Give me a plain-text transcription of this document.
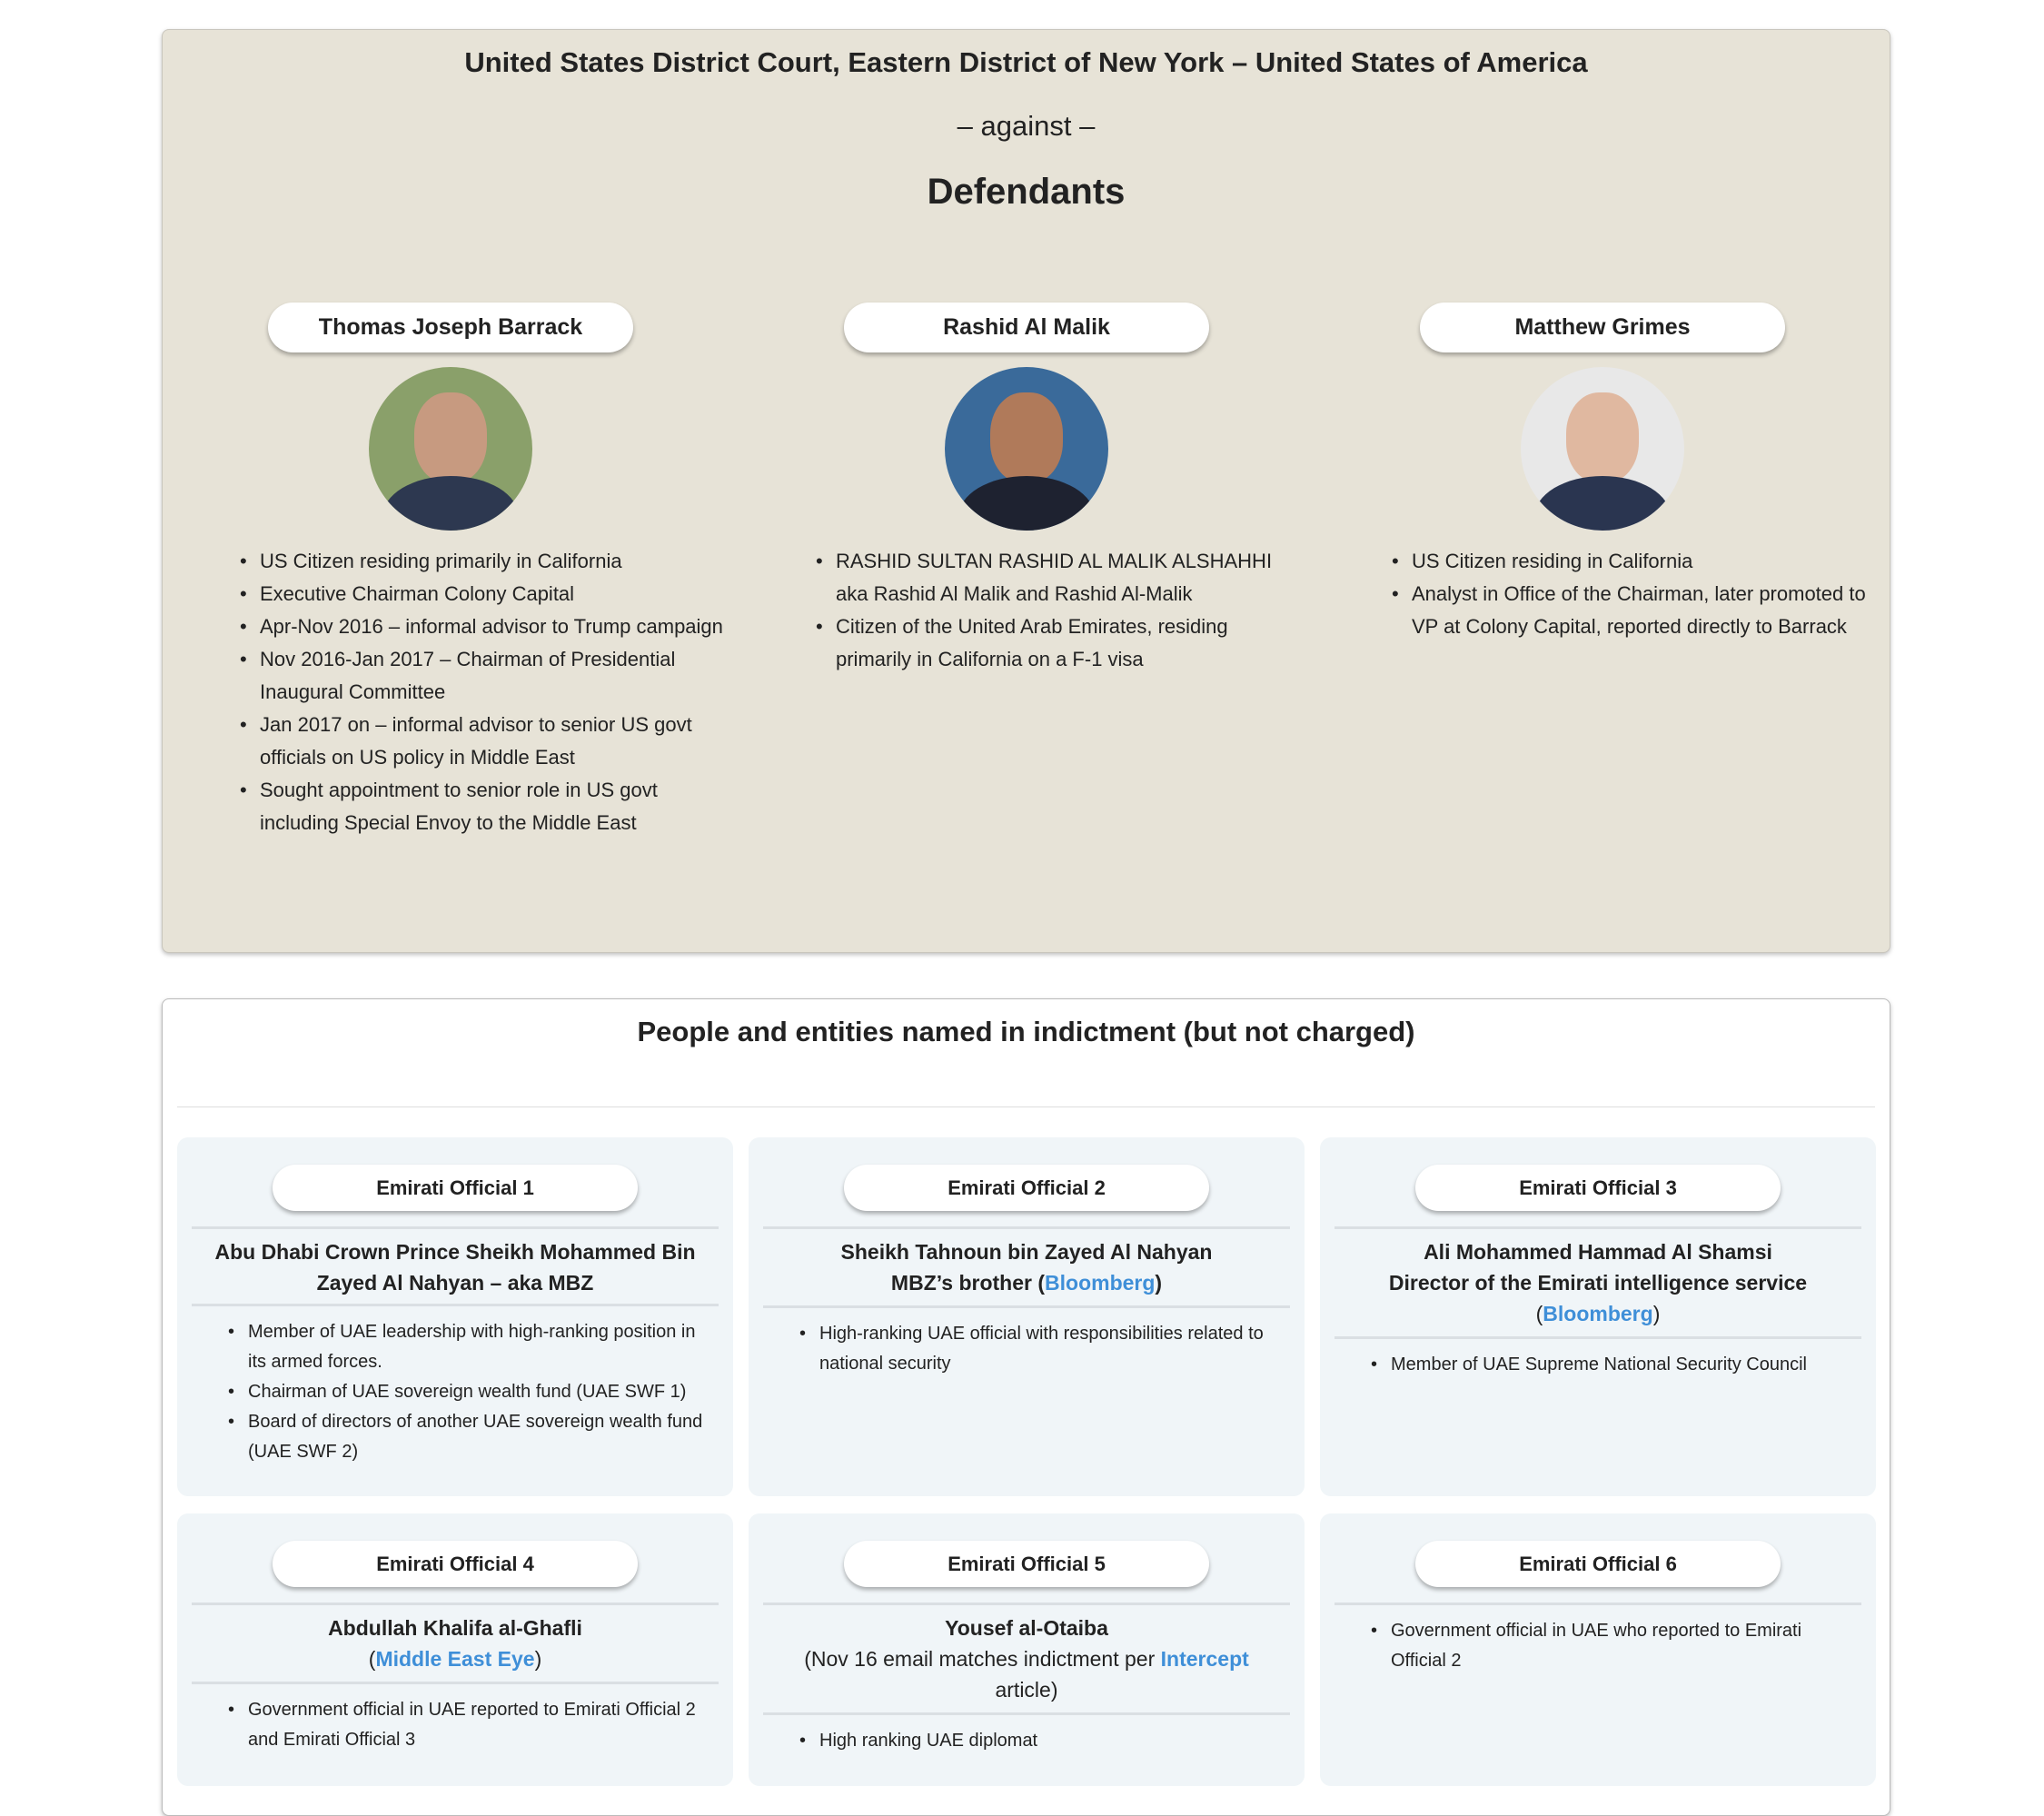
United States District Court, Eastern District of New York – United States of America
– against –
Defendants
Thomas Joseph Barrack
• US Citizen residing primarily in California
• Executive Chairman Colony Capital
• Apr-Nov 2016 – informal advisor to Trump campaign
• Nov 2016-Jan 2017 – Chairman of Presidential Inaugural Committee
• Jan 2017 on – informal advisor to senior US govt officials on US policy in Middle East
• Sought appointment to senior role in US govt including Special Envoy to the Middle East
Rashid Al Malik
• RASHID SULTAN RASHID AL MALIK ALSHAHHI aka Rashid Al Malik and Rashid Al-Malik
• Citizen of the United Arab Emirates, residing primarily in California on a F-1 visa
Matthew Grimes
• US Citizen residing in California
• Analyst in Office of the Chairman, later promoted to VP at Colony Capital, reported directly to Barrack
People and entities named in indictment (but not charged)
Emirati Official 1
Abu Dhabi Crown Prince Sheikh Mohammed Bin Zayed Al Nahyan – aka MBZ
• Member of UAE leadership with high-ranking position in its armed forces.
• Chairman of UAE sovereign wealth fund (UAE SWF 1)
• Board of directors of another UAE sovereign wealth fund (UAE SWF 2)
Emirati Official 2
Sheikh Tahnoun bin Zayed Al Nahyan
MBZ’s brother (Bloomberg)
• High-ranking UAE official with responsibilities related to national security
Emirati Official 3
Ali Mohammed Hammad Al Shamsi
Director of the Emirati intelligence service
(Bloomberg)
• Member of UAE Supreme National Security Council
Emirati Official 4
Abdullah Khalifa al-Ghafli
(Middle East Eye)
• Government official in UAE reported to Emirati Official 2 and Emirati Official 3
Emirati Official 5
Yousef al-Otaiba
(Nov 16 email matches indictment per Intercept article)
• High ranking UAE diplomat
Emirati Official 6
• Government official in UAE who reported to Emirati Official 2
